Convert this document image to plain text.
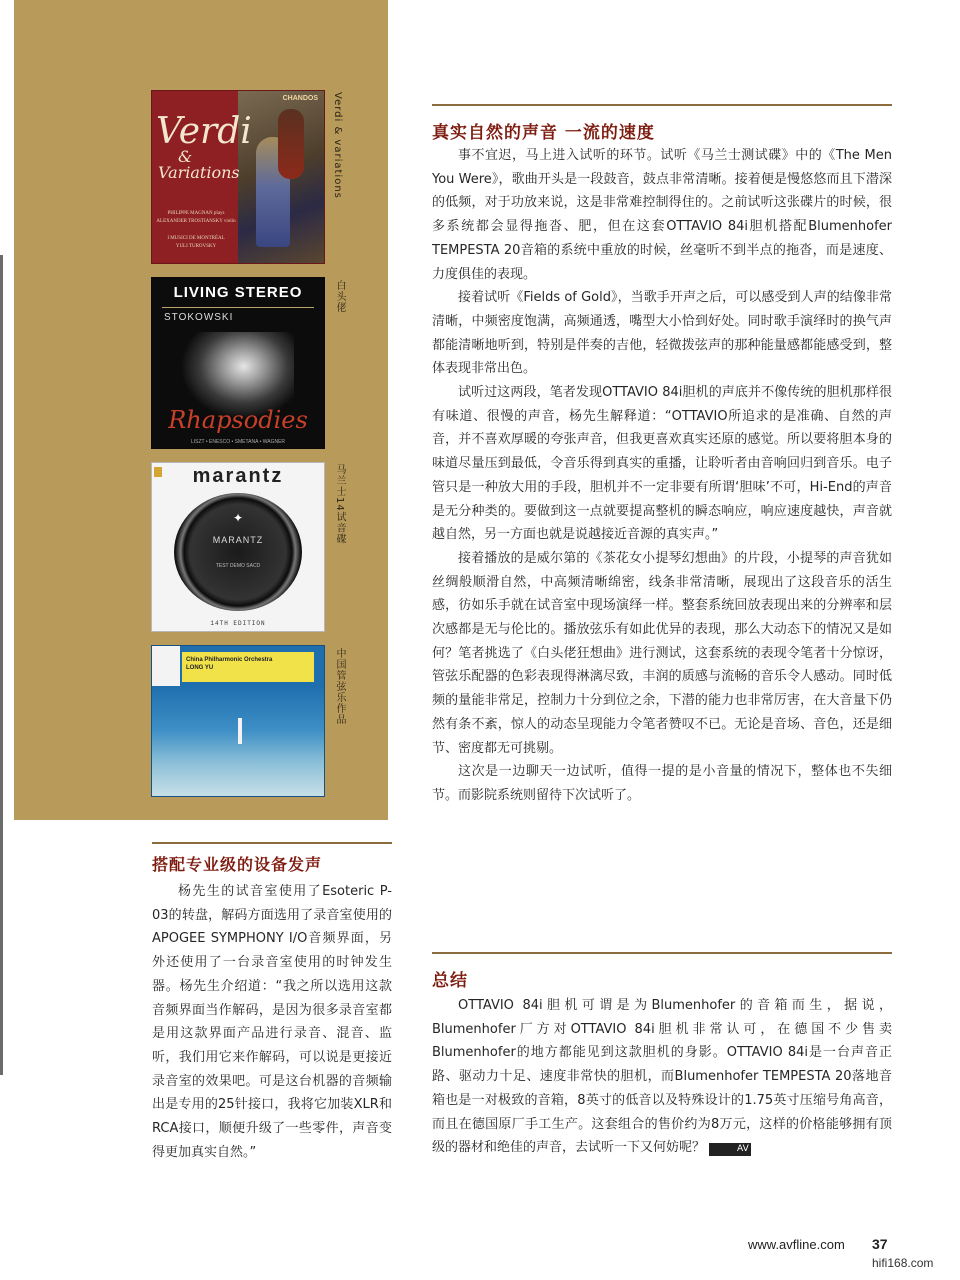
CHANDOS
Verdi
&
Variations
PHILIPPE MAGNAN plays
ALEXANDER TROSTIANSKY violin
I MUSICI DE MONTRÉAL
YULI TUROVSKY
Verdi & variations
LIVING STEREO
STOKOWSKI
Rhapsodies
LISZT • ENESCO • SMETANA • WAGNER
白头佬
marantz
✦
MARANTZ
TEST DEMO SACD
14TH EDITION
马兰士14试音碟
China Philharmonic Orchestra
LONG YU	中国管弦乐作品
真实自然的声音 一流的速度

事不宜迟，马上进入试听的环节。试听《马兰士测试碟》中的《The Men You Were》，歌曲开头是一段鼓音，鼓点非常清晰。接着便是慢悠悠而且下潜深的低频，对于功放来说，这是非常难控制得住的。之前试听这张碟片的时候，很多系统都会显得拖沓、肥，但在这套OTTAVIO 84i胆机搭配Blumenhofer TEMPESTA 20音箱的系统中重放的时候，丝毫听不到半点的拖沓，而是速度、力度俱佳的表现。

接着试听《Fields of Gold》，当歌手开声之后，可以感受到人声的结像非常清晰，中频密度饱满，高频通透，嘴型大小恰到好处。同时歌手演绎时的换气声都能清晰地听到，特别是伴奏的吉他，轻微拨弦声的那种能量感都能感受到，整体表现非常出色。

试听过这两段，笔者发现OTTAVIO 84i胆机的声底并不像传统的胆机那样很有味道、很慢的声音，杨先生解释道：“OTTAVIO所追求的是准确、自然的声音，并不喜欢厚暖的夸张声音，但我更喜欢真实还原的感觉。所以要将胆本身的味道尽量压到最低，令音乐得到真实的重播，让聆听者由音响回归到音乐。电子管只是一种放大用的手段，胆机并不一定非要有所谓‘胆味’不可，Hi-End的声音是无分种类的。要做到这一点就要提高整机的瞬态响应，响应速度越快，声音就越自然，另一方面也就是说越接近音源的真实声。”

接着播放的是威尔第的《茶花女小提琴幻想曲》的片段，小提琴的声音犹如丝绸般顺滑自然，中高频清晰绵密，线条非常清晰，展现出了这段音乐的活生感，彷如乐手就在试音室中现场演绎一样。整套系统回放表现出来的分辨率和层次感都是无与伦比的。播放弦乐有如此优异的表现，那么大动态下的情况又是如何？笔者挑选了《白头佬狂想曲》进行测试，这套系统的表现令笔者十分惊讶，管弦乐配器的色彩表现得淋漓尽致，丰润的质感与流畅的音乐令人感动。同时低频的量能非常足，控制力十分到位之余，下潜的能力也非常厉害，在大音量下仍然有条不紊，惊人的动态呈现能力令笔者赞叹不已。无论是音场、音色，还是细节、密度都无可挑剔。

这次是一边聊天一边试听，值得一提的是小音量的情况下，整体也不失细节。而影院系统则留待下次试听了。

搭配专业级的设备发声

杨先生的试音室使用了Esoteric P-03的转盘，解码方面选用了录音室使用的APOGEE SYMPHONY I/O音频界面，另外还使用了一台录音室使用的时钟发生器。杨先生介绍道：“我之所以选用这款音频界面当作解码，是因为很多录音室都是用这款界面产品进行录音、混音、监听，我们用它来作解码，可以说是更接近录音室的效果吧。可是这台机器的音频输出是专用的25针接口，我将它加装XLR和RCA接口，顺便升级了一些零件，声音变得更加真实自然。”

总结

OTTAVIO 84i胆机可谓是为Blumenhofer的音箱而生，据说，Blumenhofer厂方对OTTAVIO 84i胆机非常认可，在德国不少售卖Blumenhofer的地方都能见到这款胆机的身影。OTTAVIO 84i是一台声音正路、驱动力十足、速度非常快的胆机，而Blumenhofer TEMPESTA 20落地音箱也是一对极致的音箱，8英寸的低音以及特殊设计的1.75英寸压缩号角高音，而且在德国原厂手工生产。这套组合的售价约为8万元，这样的价格能够拥有顶级的器材和绝佳的声音，去试听一下又何妨呢？	AV

www.avfline.com 37
hifi168.com
